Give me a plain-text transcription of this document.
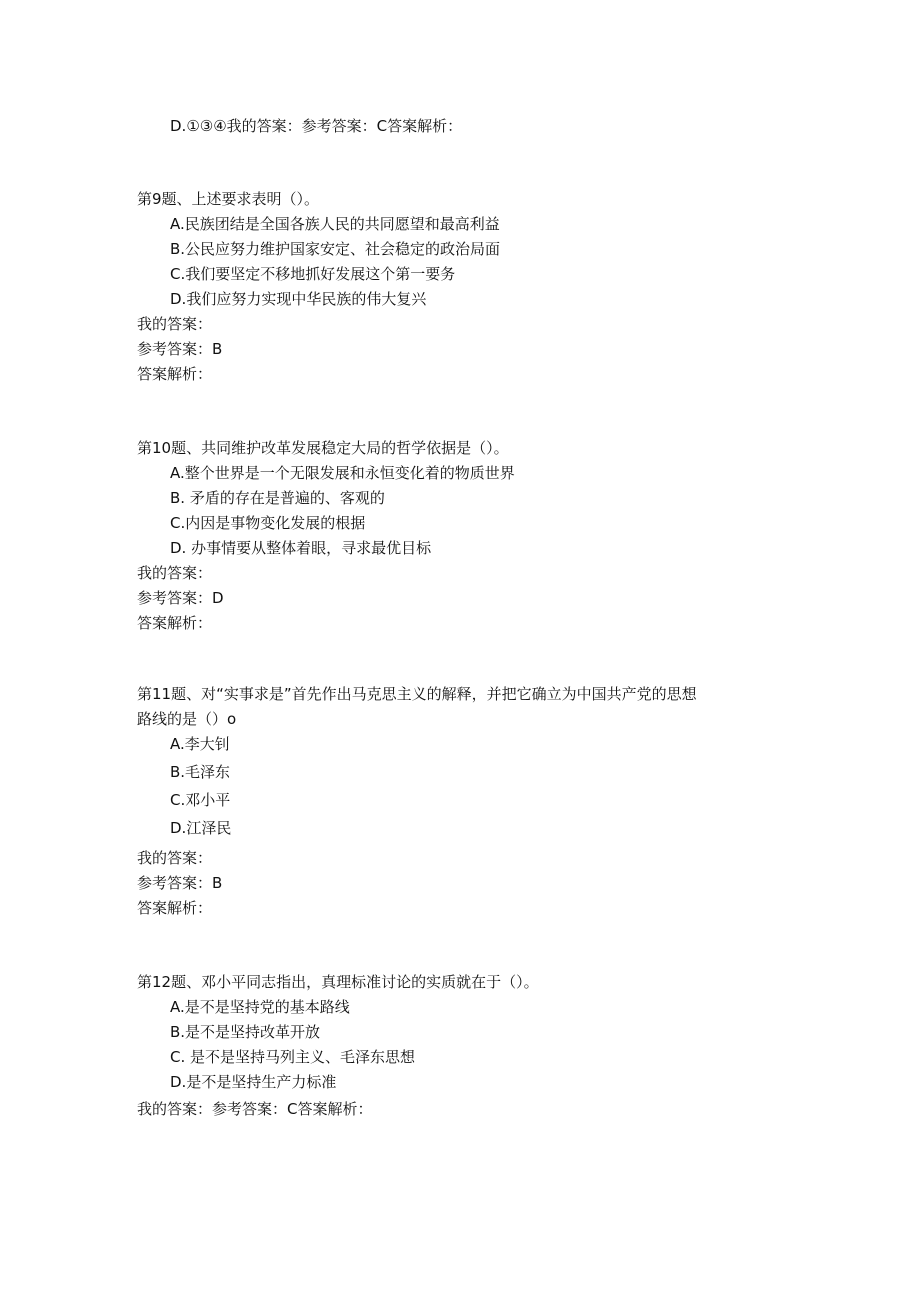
D.①③④我的答案：参考答案：C答案解析：
第9题、上述要求表明（）。
A.民族团结是全国各族人民的共同愿望和最高利益
B.公民应努力维护国家安定、社会稳定的政治局面
C.我们要坚定不移地抓好发展这个第一要务
D.我们应努力实现中华民族的伟大复兴
我的答案：
参考答案：B
答案解析：
第10题、共同维护改革发展稳定大局的哲学依据是（）。
A.整个世界是一个无限发展和永恒变化着的物质世界
B. 矛盾的存在是普遍的、客观的
C.内因是事物变化发展的根据
D. 办事情要从整体着眼，寻求最优目标
我的答案：
参考答案：D
答案解析：
第11题、对“实事求是”首先作出马克思主义的解释，并把它确立为中国共产党的思想
路线的是（）o
A.李大钊
B.毛泽东
C.邓小平
D.江泽民
我的答案：
参考答案：B
答案解析：
第12题、邓小平同志指出，真理标准讨论的实质就在于（）。
A.是不是坚持党的基本路线
B.是不是坚持改革开放
C. 是不是坚持马列主义、毛泽东思想
D.是不是坚持生产力标准
我的答案：参考答案：C答案解析：
